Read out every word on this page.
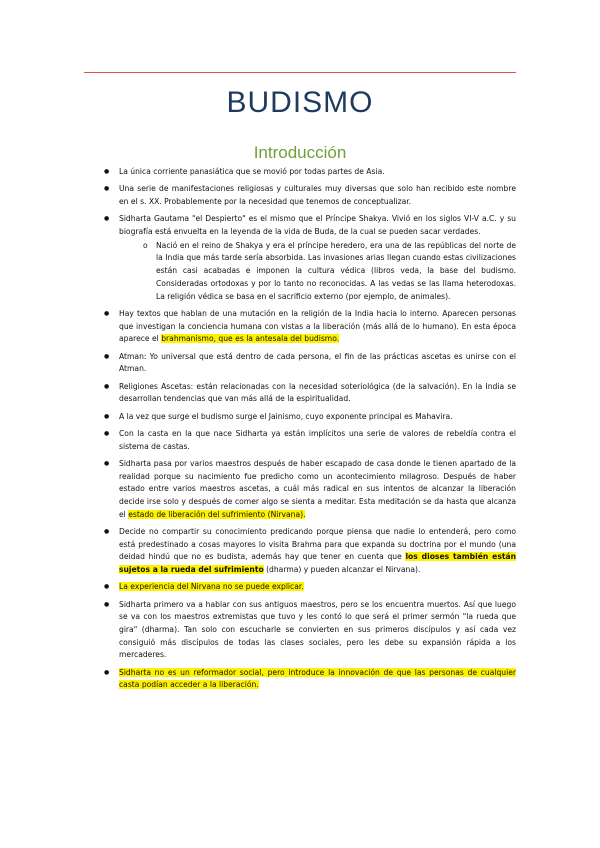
BUDISMO
Introducción
● La única corriente panasiática que se movió por todas partes de Asia.
● Una serie de manifestaciones religiosas y culturales muy diversas que solo han recibido este nombre en el s. XX. Probablemente por la necesidad que tenemos de conceptualizar.
● Sidharta Gautama "el Despierto" es el mismo que el Príncipe Shakya. Vivió en los siglos VI-V a.C. y su biografía está envuelta en la leyenda de la vida de Buda, de la cual se pueden sacar verdades.
o Nació en el reino de Shakya y era el príncipe heredero, era una de las repúblicas del norte de la India que más tarde sería absorbida. Las invasiones arias llegan cuando estas civilizaciones están casi acabadas e imponen la cultura védica (libros veda, la base del budismo. Consideradas ortodoxas y por lo tanto no reconocidas. A las vedas se las llama heterodoxas. La religión védica se basa en el sacrificio externo (por ejemplo, de animales).
● Hay textos que hablan de una mutación en la religión de la India hacia lo interno. Aparecen personas que investigan la conciencia humana con vistas a la liberación (más allá de lo humano). En esta época aparece el brahmanismo, que es la antesala del budismo.
● Atman: Yo universal que está dentro de cada persona, el fin de las prácticas ascetas es unirse con el Atman.
● Religiones Ascetas: están relacionadas con la necesidad soteriológica (de la salvación). En la India se desarrollan tendencias que van más allá de la espiritualidad.
● A la vez que surge el budismo surge el Jainismo, cuyo exponente principal es Mahavira.
● Con la casta en la que nace Sidharta ya están implícitos una serie de valores de rebeldía contra el sistema de castas.
● Sidharta pasa por varios maestros después de haber escapado de casa donde le tienen apartado de la realidad porque su nacimiento fue predicho como un acontecimiento milagroso. Después de haber estado entre varios maestros ascetas, a cuál más radical en sus intentos de alcanzar la liberación decide irse solo y después de comer algo se sienta a meditar. Esta meditación se da hasta que alcanza el estado de liberación del sufrimiento (Nirvana).
● Decide no compartir su conocimiento predicando porque piensa que nadie lo entenderá, pero como está predestinado a cosas mayores lo visita Brahma para que expanda su doctrina por el mundo (una deidad hindú que no es budista, además hay que tener en cuenta que los dioses también están sujetos a la rueda del sufrimiento (dharma) y pueden alcanzar el Nirvana).
● La experiencia del Nirvana no se puede explicar.
● Sidharta primero va a hablar con sus antiguos maestros, pero se los encuentra muertos. Así que luego se va con los maestros extremistas que tuvo y les contó lo que será el primer sermón "la rueda que gira" (dharma). Tan solo con escucharle se convierten en sus primeros discípulos y así cada vez consiguió más discípulos de todas las clases sociales, pero les debe su expansión rápida a los mercaderes.
● Sidharta no es un reformador social, pero introduce la innovación de que las personas de cualquier casta podían acceder a la liberación.
